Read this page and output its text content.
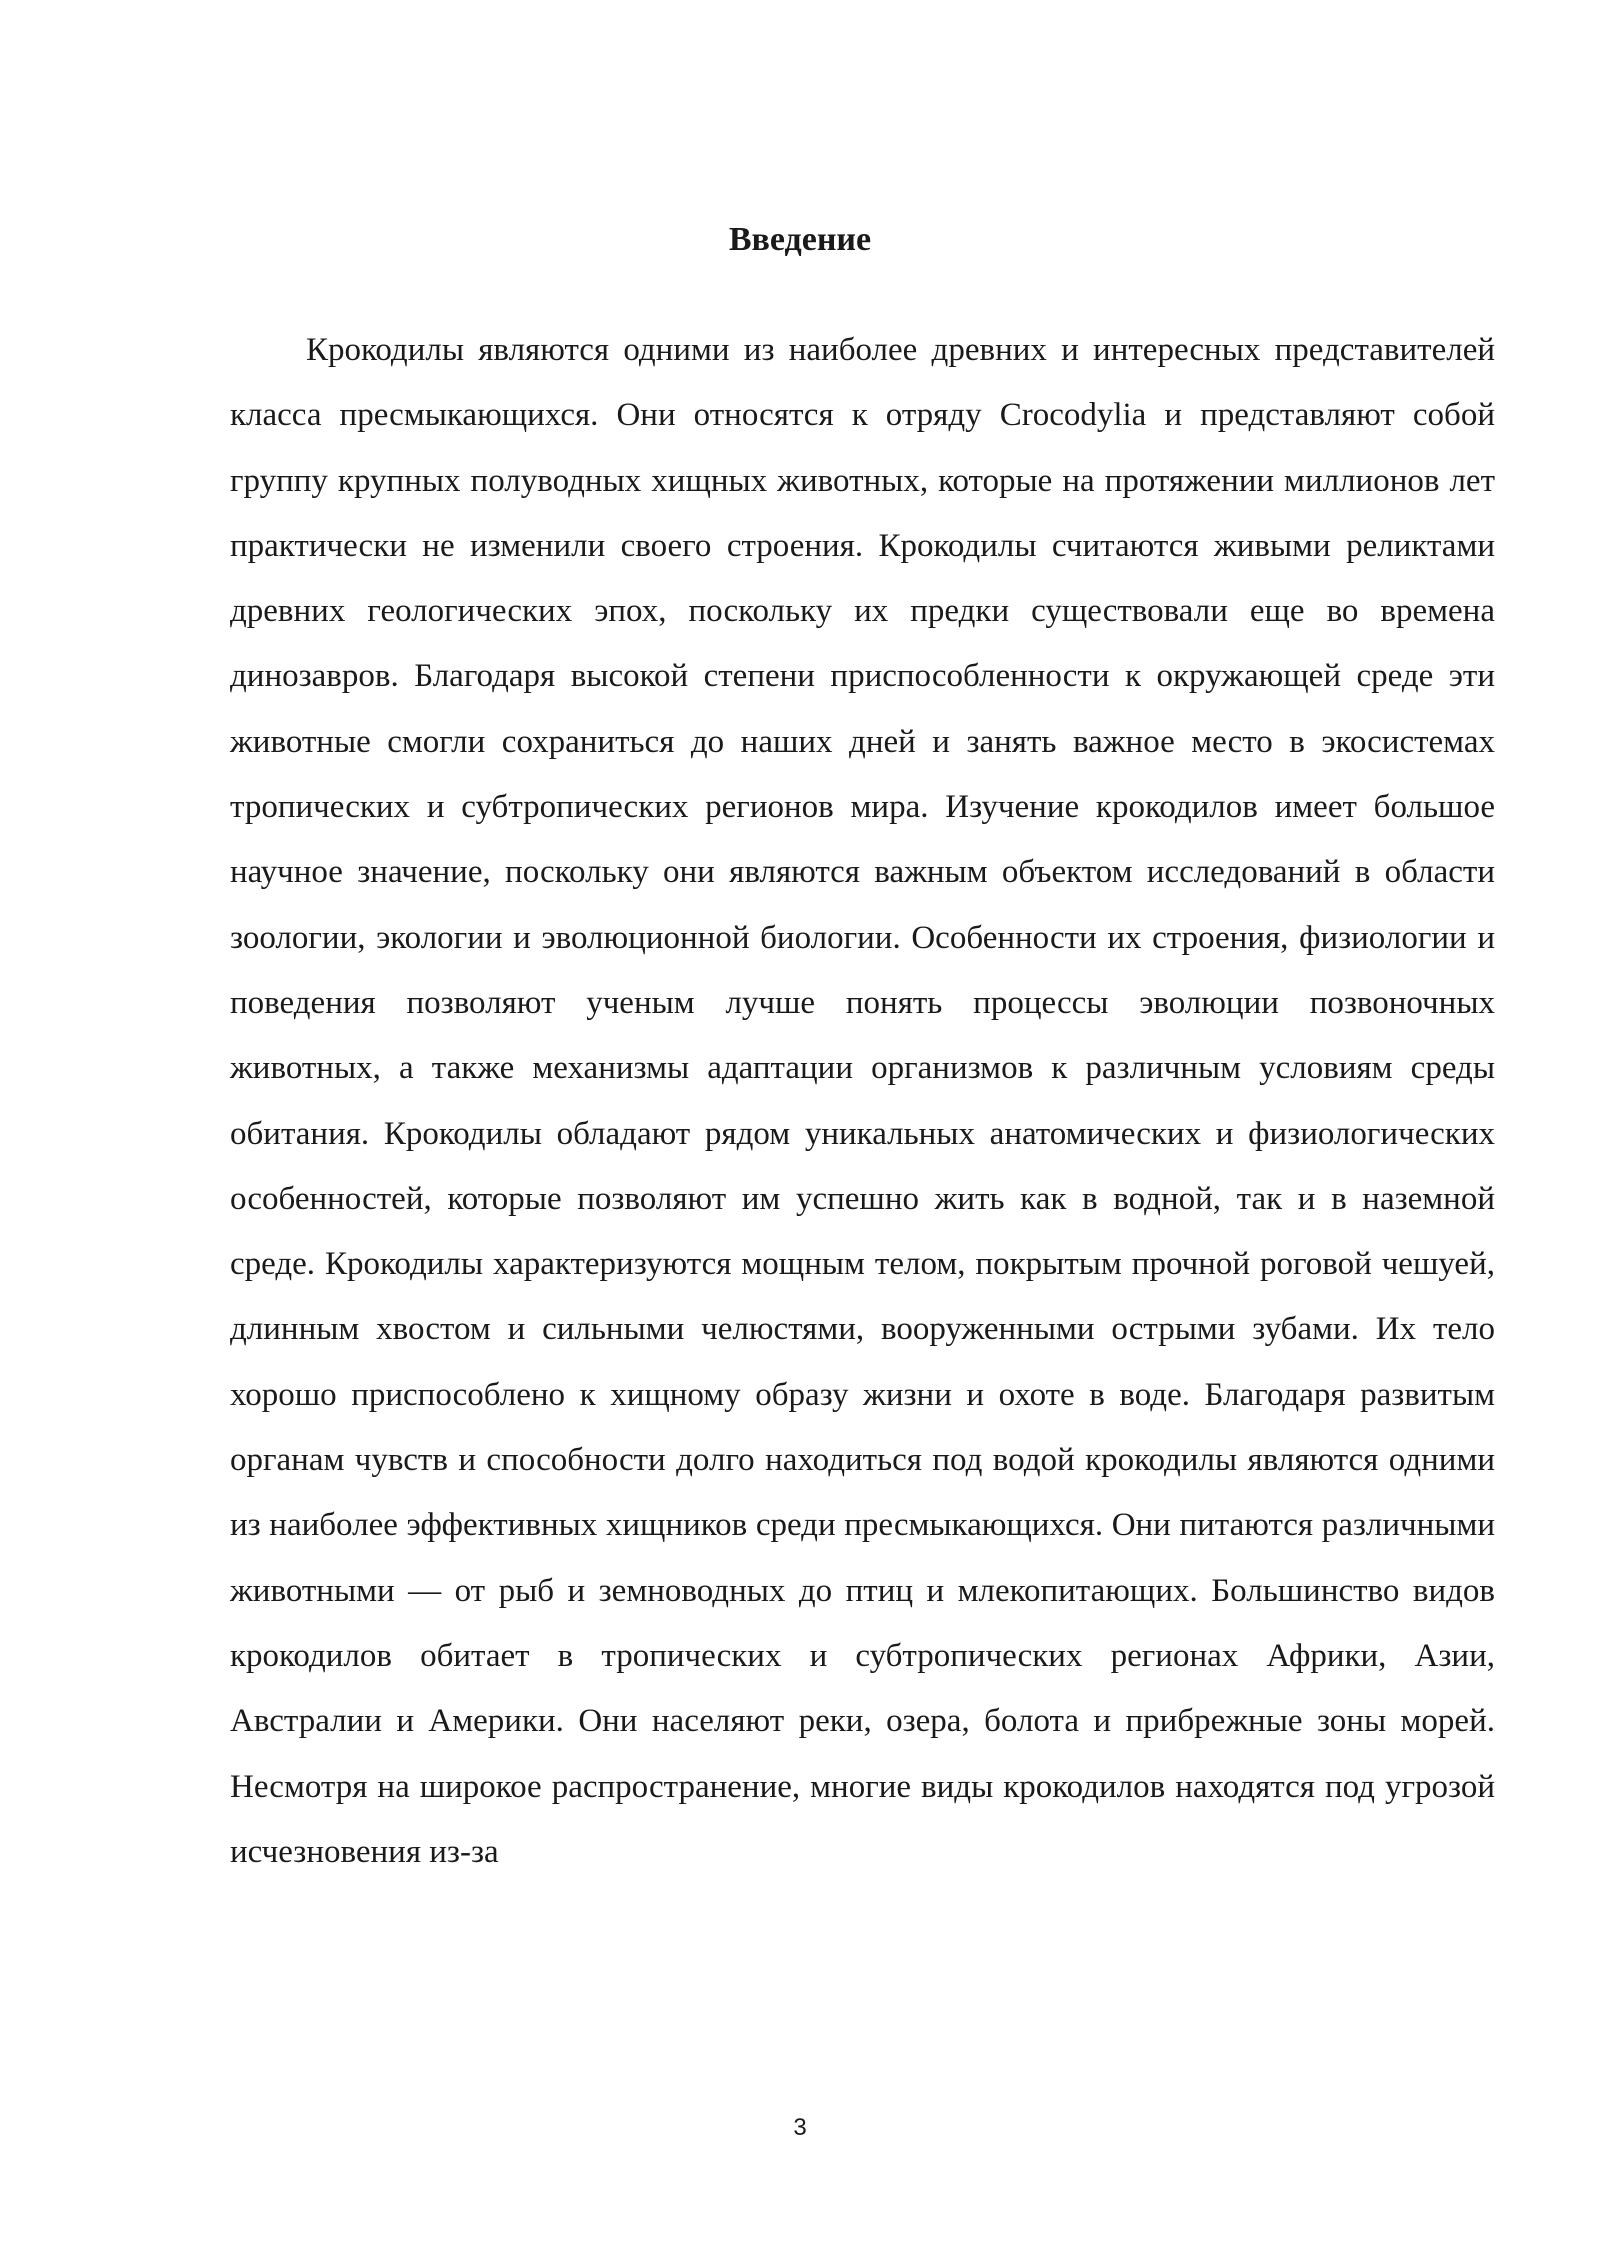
Введение

Крокодилы являются одними из наиболее древних и интересных представителей класса пресмыкающихся. Они относятся к отряду Crocodylia и представляют собой группу крупных полуводных хищных животных, которые на протяжении миллионов лет практически не изменили своего строения. Крокодилы считаются живыми реликтами древних геологических эпох, поскольку их предки существовали еще во времена динозавров. Благодаря высокой степени приспособленности к окружающей среде эти животные смогли сохраниться до наших дней и занять важное место в экосистемах тропических и субтропических регионов мира. Изучение крокодилов имеет большое научное значение, поскольку они являются важным объектом исследований в области зоологии, экологии и эволюционной биологии. Особенности их строения, физиологии и поведения позволяют ученым лучше понять процессы эволюции позвоночных животных, а также механизмы адаптации организмов к различным условиям среды обитания. Крокодилы обладают рядом уникальных анатомических и физиологических особенностей, которые позволяют им успешно жить как в водной, так и в наземной среде. Крокодилы характеризуются мощным телом, покрытым прочной роговой чешуей, длинным хвостом и сильными челюстями, вооруженными острыми зубами. Их тело хорошо приспособлено к хищному образу жизни и охоте в воде. Благодаря развитым органам чувств и способности долго находиться под водой крокодилы являются одними из наиболее эффективных хищников среди пресмыкающихся. Они питаются различными животными — от рыб и земноводных до птиц и млекопитающих. Большинство видов крокодилов обитает в тропических и субтропических регионах Африки, Азии, Австралии и Америки. Они населяют реки, озера, болота и прибрежные зоны морей. Несмотря на широкое распространение, многие виды крокодилов находятся под угрозой исчезновения из-за

3
